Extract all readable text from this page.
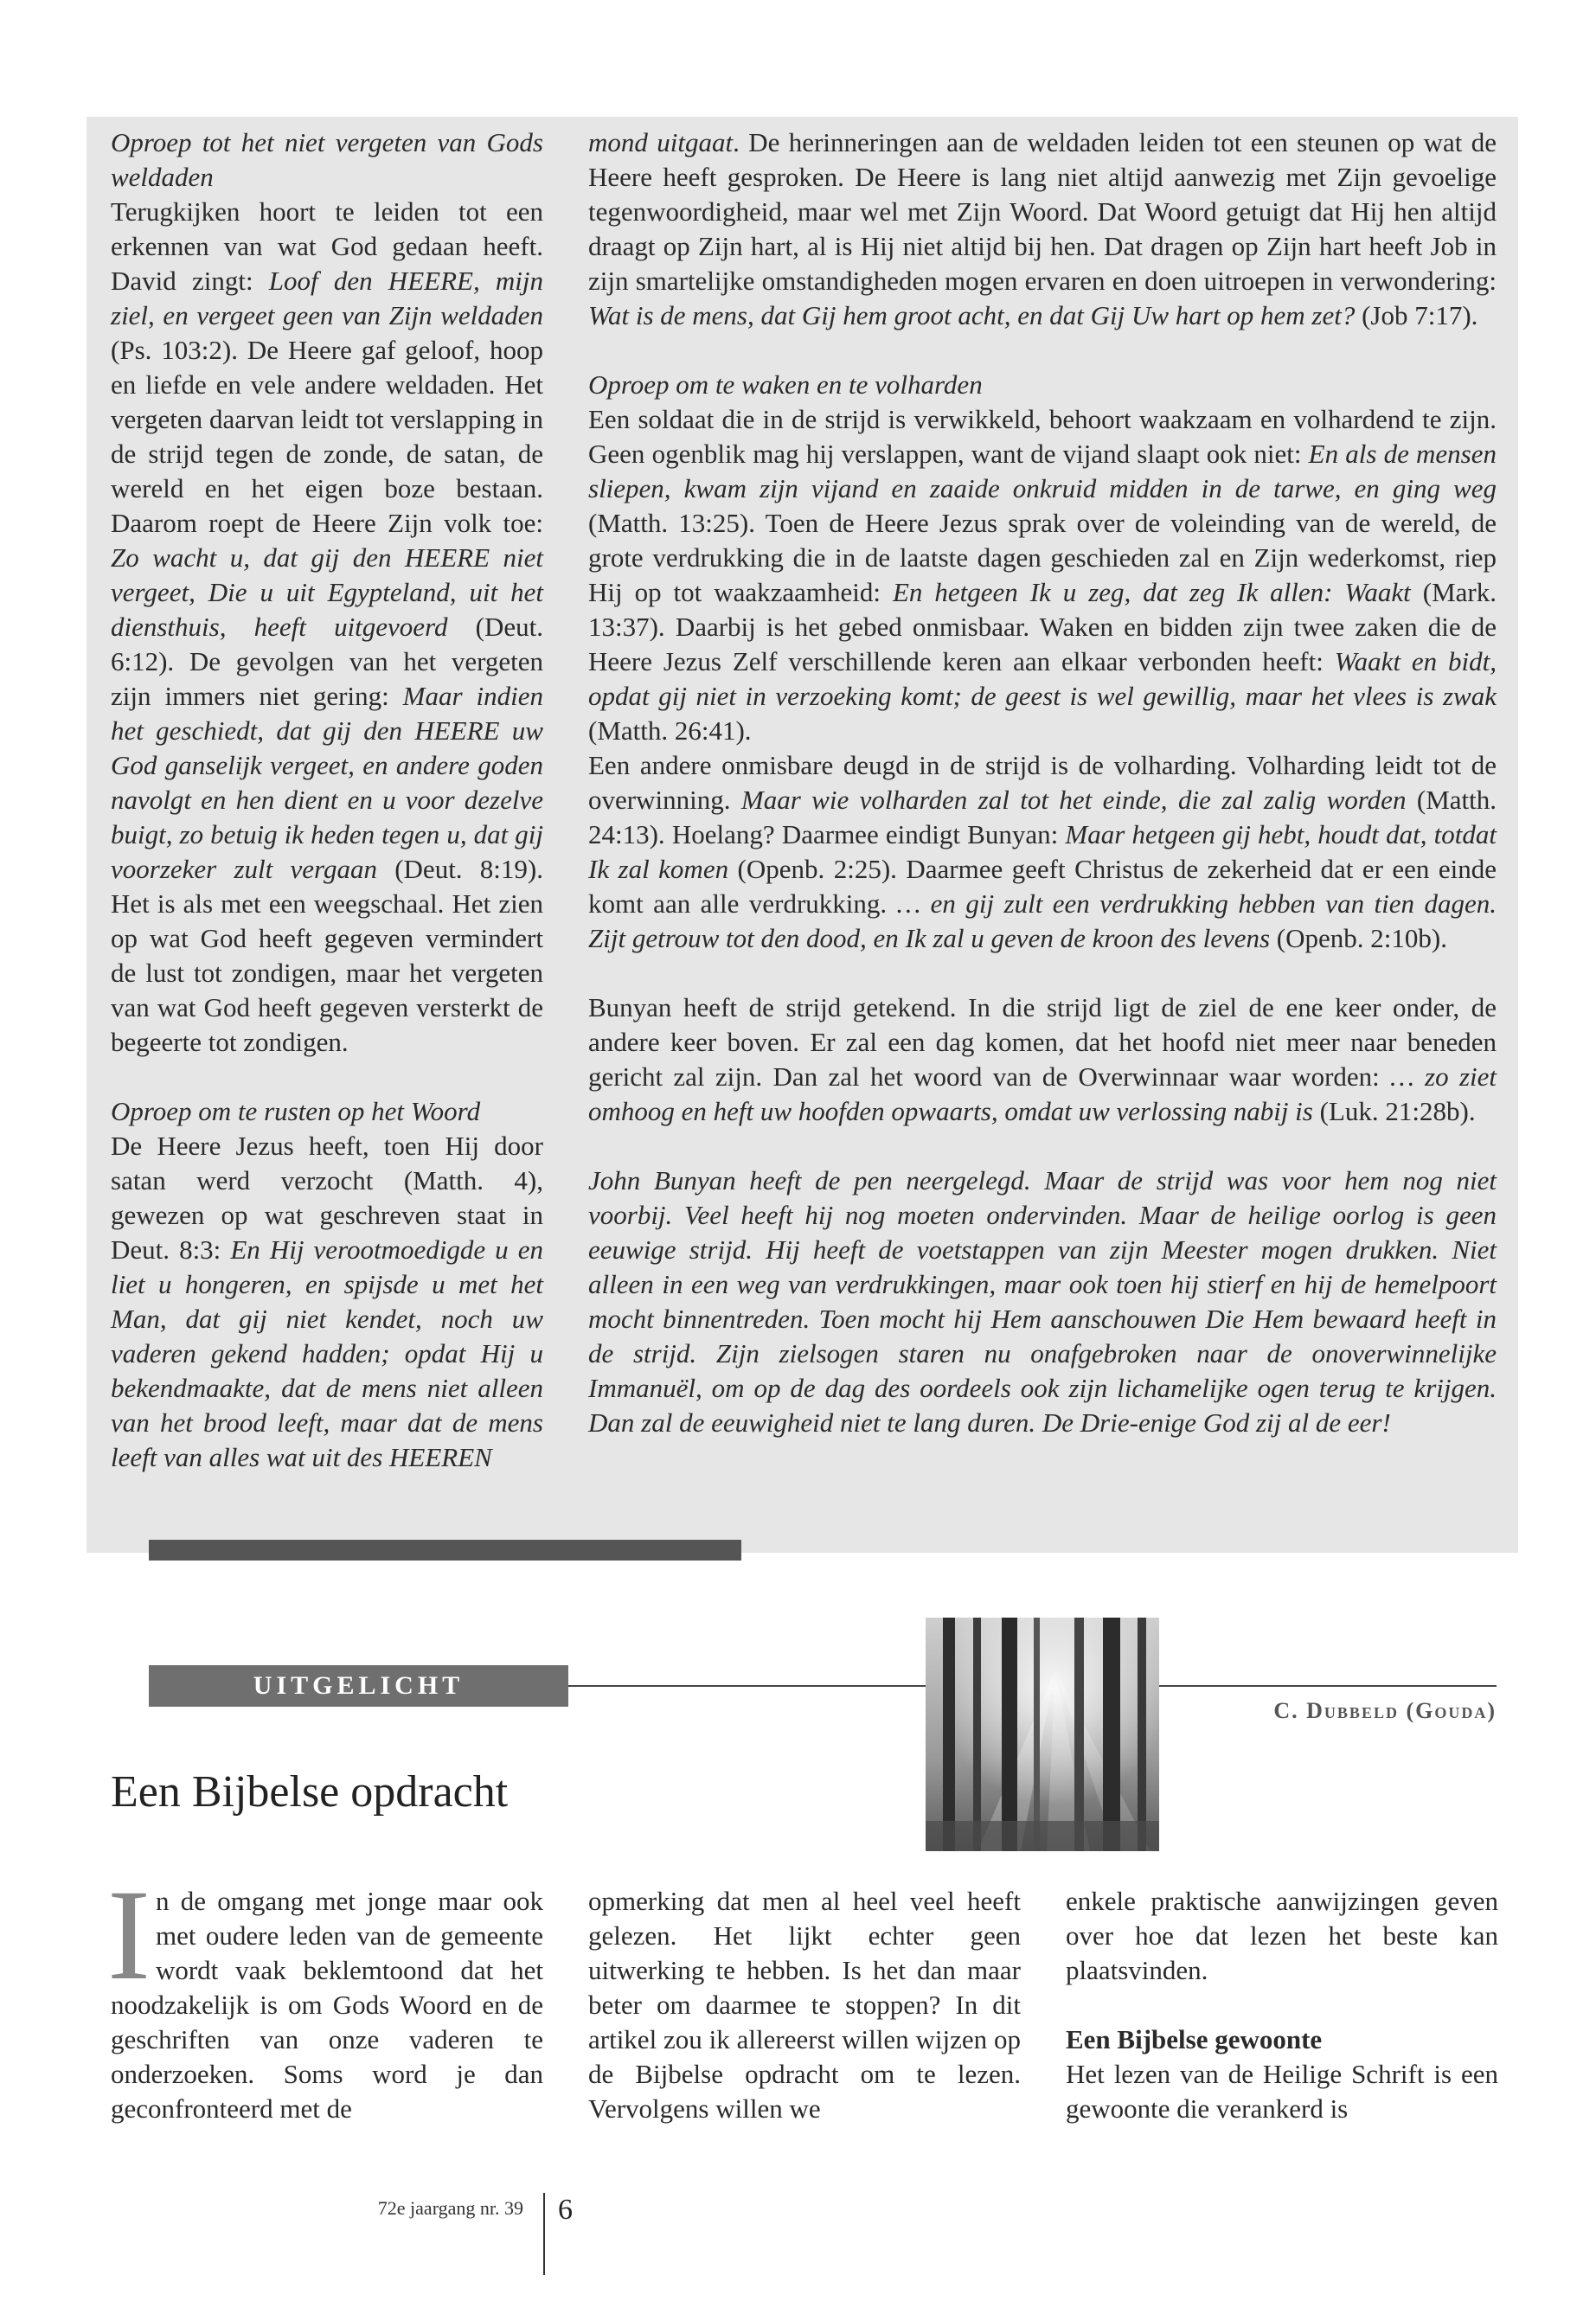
Oproep tot het niet vergeten van Gods weldaden

Terugkijken hoort te leiden tot een erkennen van wat God gedaan heeft. David zingt: Loof den HEERE, mijn ziel, en vergeet geen van Zijn weldaden (Ps. 103:2). De Heere gaf geloof, hoop en liefde en vele andere weldaden. Het vergeten daarvan leidt tot verslapping in de strijd tegen de zonde, de satan, de wereld en het eigen boze bestaan. Daarom roept de Heere Zijn volk toe: Zo wacht u, dat gij den HEERE niet vergeet, Die u uit Egypteland, uit het diensthuis, heeft uitgevoerd (Deut. 6:12). De gevolgen van het vergeten zijn immers niet gering: Maar indien het geschiedt, dat gij den HEERE uw God ganselijk vergeet, en andere goden navolgt en hen dient en u voor dezelve buigt, zo betuig ik heden tegen u, dat gij voorzeker zult vergaan (Deut. 8:19). Het is als met een weegschaal. Het zien op wat God heeft gegeven vermindert de lust tot zondigen, maar het vergeten van wat God heeft gegeven versterkt de begeerte tot zondigen.

Oproep om te rusten op het Woord

De Heere Jezus heeft, toen Hij door satan werd verzocht (Matth. 4), gewezen op wat geschreven staat in Deut. 8:3: En Hij verootmoedigde u en liet u hongeren, en spijsde u met het Man, dat gij niet kendet, noch uw vaderen gekend hadden; opdat Hij u bekendmaakte, dat de mens niet alleen van het brood leeft, maar dat de mens leeft van alles wat uit des HEEREN

mond uitgaat. De herinneringen aan de weldaden leiden tot een steunen op wat de Heere heeft gesproken. De Heere is lang niet altijd aanwezig met Zijn gevoelige tegenwoordigheid, maar wel met Zijn Woord. Dat Woord getuigt dat Hij hen altijd draagt op Zijn hart, al is Hij niet altijd bij hen. Dat dragen op Zijn hart heeft Job in zijn smartelijke omstandigheden mogen ervaren en doen uitroepen in verwondering: Wat is de mens, dat Gij hem groot acht, en dat Gij Uw hart op hem zet? (Job 7:17).

Oproep om te waken en te volharden

Een soldaat die in de strijd is verwikkeld, behoort waakzaam en volhardend te zijn. Geen ogenblik mag hij verslappen, want de vijand slaapt ook niet: En als de mensen sliepen, kwam zijn vijand en zaaide onkruid midden in de tarwe, en ging weg (Matth. 13:25). Toen de Heere Jezus sprak over de voleinding van de wereld, de grote verdrukking die in de laatste dagen geschieden zal en Zijn wederkomst, riep Hij op tot waakzaamheid: En hetgeen Ik u zeg, dat zeg Ik allen: Waakt (Mark. 13:37). Daarbij is het gebed onmisbaar. Waken en bidden zijn twee zaken die de Heere Jezus Zelf verschillende keren aan elkaar verbonden heeft: Waakt en bidt, opdat gij niet in verzoeking komt; de geest is wel gewillig, maar het vlees is zwak (Matth. 26:41).

Een andere onmisbare deugd in de strijd is de volharding. Volharding leidt tot de overwinning. Maar wie volharden zal tot het einde, die zal zalig worden (Matth. 24:13). Hoelang? Daarmee eindigt Bunyan: Maar hetgeen gij hebt, houdt dat, totdat Ik zal komen (Openb. 2:25). Daarmee geeft Christus de zekerheid dat er een einde komt aan alle verdrukking. … en gij zult een verdrukking hebben van tien dagen. Zijt getrouw tot den dood, en Ik zal u geven de kroon des levens (Openb. 2:10b).

Bunyan heeft de strijd getekend. In die strijd ligt de ziel de ene keer onder, de andere keer boven. Er zal een dag komen, dat het hoofd niet meer naar beneden gericht zal zijn. Dan zal het woord van de Overwinnaar waar worden: … zo ziet omhoog en heft uw hoofden opwaarts, omdat uw verlossing nabij is (Luk. 21:28b).

John Bunyan heeft de pen neergelegd. Maar de strijd was voor hem nog niet voorbij. Veel heeft hij nog moeten ondervinden. Maar de heilige oorlog is geen eeuwige strijd. Hij heeft de voetstappen van zijn Meester mogen drukken. Niet alleen in een weg van verdrukkingen, maar ook toen hij stierf en hij de hemelpoort mocht binnentreden. Toen mocht hij Hem aanschouwen Die Hem bewaard heeft in de strijd. Zijn zielsogen staren nu onafgebroken naar de onoverwinnelijke Immanuël, om op de dag des oordeels ook zijn lichamelijke ogen terug te krijgen. Dan zal de eeuwigheid niet te lang duren. De Drie-enige God zij al de eer!

UITGELICHT
C. Dubbeld (Gouda)
Een Bijbelse opdracht

In de omgang met jonge maar ook met oudere leden van de gemeente wordt vaak beklemtoond dat het noodzakelijk is om Gods Woord en de geschriften van onze vaderen te onderzoeken. Soms word je dan geconfronteerd met de

opmerking dat men al heel veel heeft gelezen. Het lijkt echter geen uitwerking te hebben. Is het dan maar beter om daarmee te stoppen? In dit artikel zou ik allereerst willen wijzen op de Bijbelse opdracht om te lezen. Vervolgens willen we

enkele praktische aanwijzingen geven over hoe dat lezen het beste kan plaatsvinden.

Een Bijbelse gewoonte

Het lezen van de Heilige Schrift is een gewoonte die verankerd is

72e jaargang nr. 39 6
